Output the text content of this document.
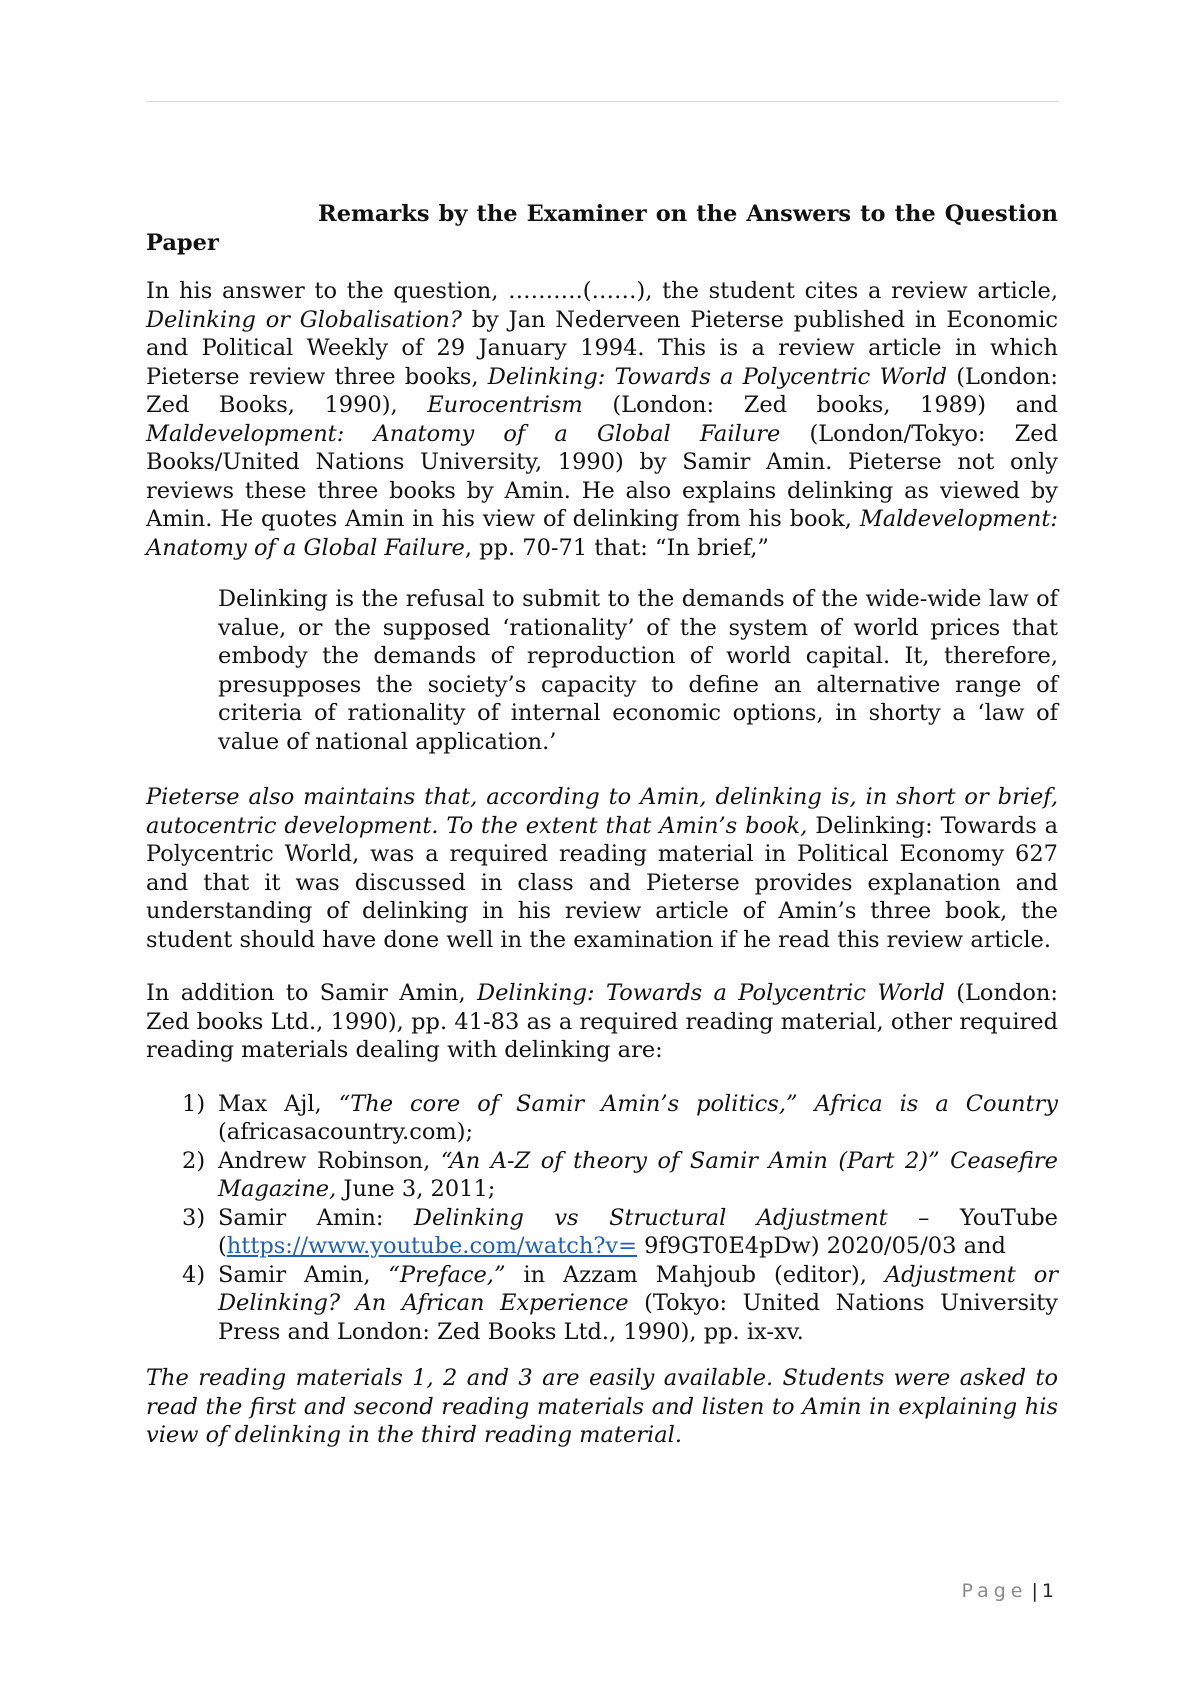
Remarks by the Examiner on the Answers to the Question Paper

In his answer to the question, ……….(……), the student cites a review article, Delinking or Globalisation? by Jan Nederveen Pieterse published in Economic and Political Weekly of 29 January 1994. This is a review article in which Pieterse review three books, Delinking: Towards a Polycentric World (London: Zed Books, 1990), Eurocentrism (London: Zed books, 1989) and Maldevelopment: Anatomy of a Global Failure (London/Tokyo: Zed Books/United Nations University, 1990) by Samir Amin. Pieterse not only reviews these three books by Amin. He also explains delinking as viewed by Amin. He quotes Amin in his view of delinking from his book, Maldevelopment: Anatomy of a Global Failure, pp. 70-71 that: “In brief,”

Delinking is the refusal to submit to the demands of the wide-wide law of value, or the supposed ‘rationality’ of the system of world prices that embody the demands of reproduction of world capital. It, therefore, presupposes the society’s capacity to define an alternative range of criteria of rationality of internal economic options, in shorty a ‘law of value of national application.’

Pieterse also maintains that, according to Amin, delinking is, in short or brief, autocentric development. To the extent that Amin’s book, Delinking: Towards a Polycentric World, was a required reading material in Political Economy 627 and that it was discussed in class and Pieterse provides explanation and understanding of delinking in his review article of Amin’s three book, the student should have done well in the examination if he read this review article.

In addition to Samir Amin, Delinking: Towards a Polycentric World (London: Zed books Ltd., 1990), pp. 41-83 as a required reading material, other required reading materials dealing with delinking are:

1) Max Ajl, “The core of Samir Amin’s politics,” Africa is a Country (africasacountry.com);
2) Andrew Robinson, “An A-Z of theory of Samir Amin (Part 2)” Ceasefire Magazine, June 3, 2011;
3) Samir Amin: Delinking vs Structural Adjustment – YouTube (https://www.youtube.com/watch?v= 9f9GT0E4pDw) 2020/05/03 and
4) Samir Amin, “Preface,” in Azzam Mahjoub (editor), Adjustment or Delinking? An African Experience (Tokyo: United Nations University Press and London: Zed Books Ltd., 1990), pp. ix-xv.

The reading materials 1, 2 and 3 are easily available. Students were asked to read the first and second reading materials and listen to Amin in explaining his view of delinking in the third reading material.

Page | 1
